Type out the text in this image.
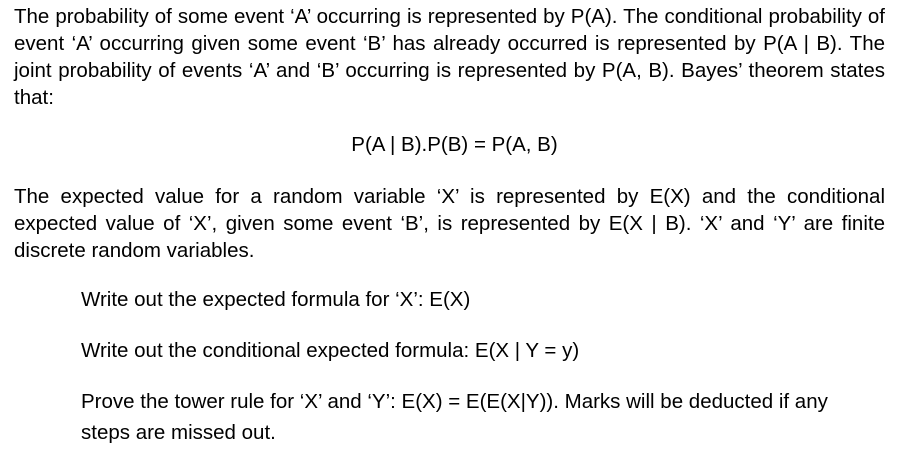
The probability of some event ‘A’ occurring is represented by P(A). The conditional probability of event ‘A’ occurring given some event ‘B’ has already occurred is represented by P(A | B). The joint probability of events ‘A’ and ‘B’ occurring is represented by P(A, B). Bayes’ theorem states that:

P(A | B).P(B) = P(A, B)

The expected value for a random variable ‘X’ is represented by E(X) and the conditional expected value of ‘X’, given some event ‘B’, is represented by E(X | B). ‘X’ and ‘Y’ are finite discrete random variables.

Write out the expected formula for ‘X’: E(X)

Write out the conditional expected formula: E(X | Y = y)

Prove the tower rule for ‘X’ and ‘Y’: E(X) = E(E(X|Y)). Marks will be deducted if any steps are missed out.
